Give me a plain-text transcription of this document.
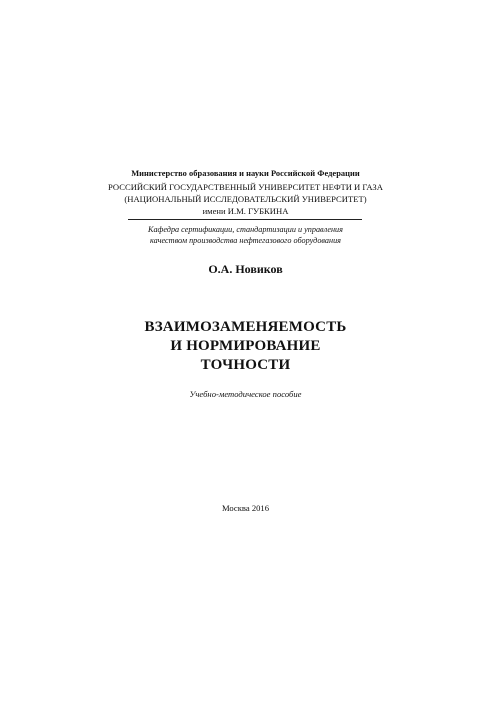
Министерство образования и науки Российской Федерации
РОССИЙСКИЙ ГОСУДАРСТВЕННЫЙ УНИВЕРСИТЕТ НЕФТИ И ГАЗА
(НАЦИОНАЛЬНЫЙ ИССЛЕДОВАТЕЛЬСКИЙ УНИВЕРСИТЕТ)
имени И.М. ГУБКИНА
Кафедра сертификации, стандартизации и управления
качеством производства нефтегазового оборудования
О.А. Новиков
ВЗАИМОЗАМЕНЯЕМОСТЬ
И НОРМИРОВАНИЕ
ТОЧНОСТИ
Учебно-методическое пособие
Москва 2016
